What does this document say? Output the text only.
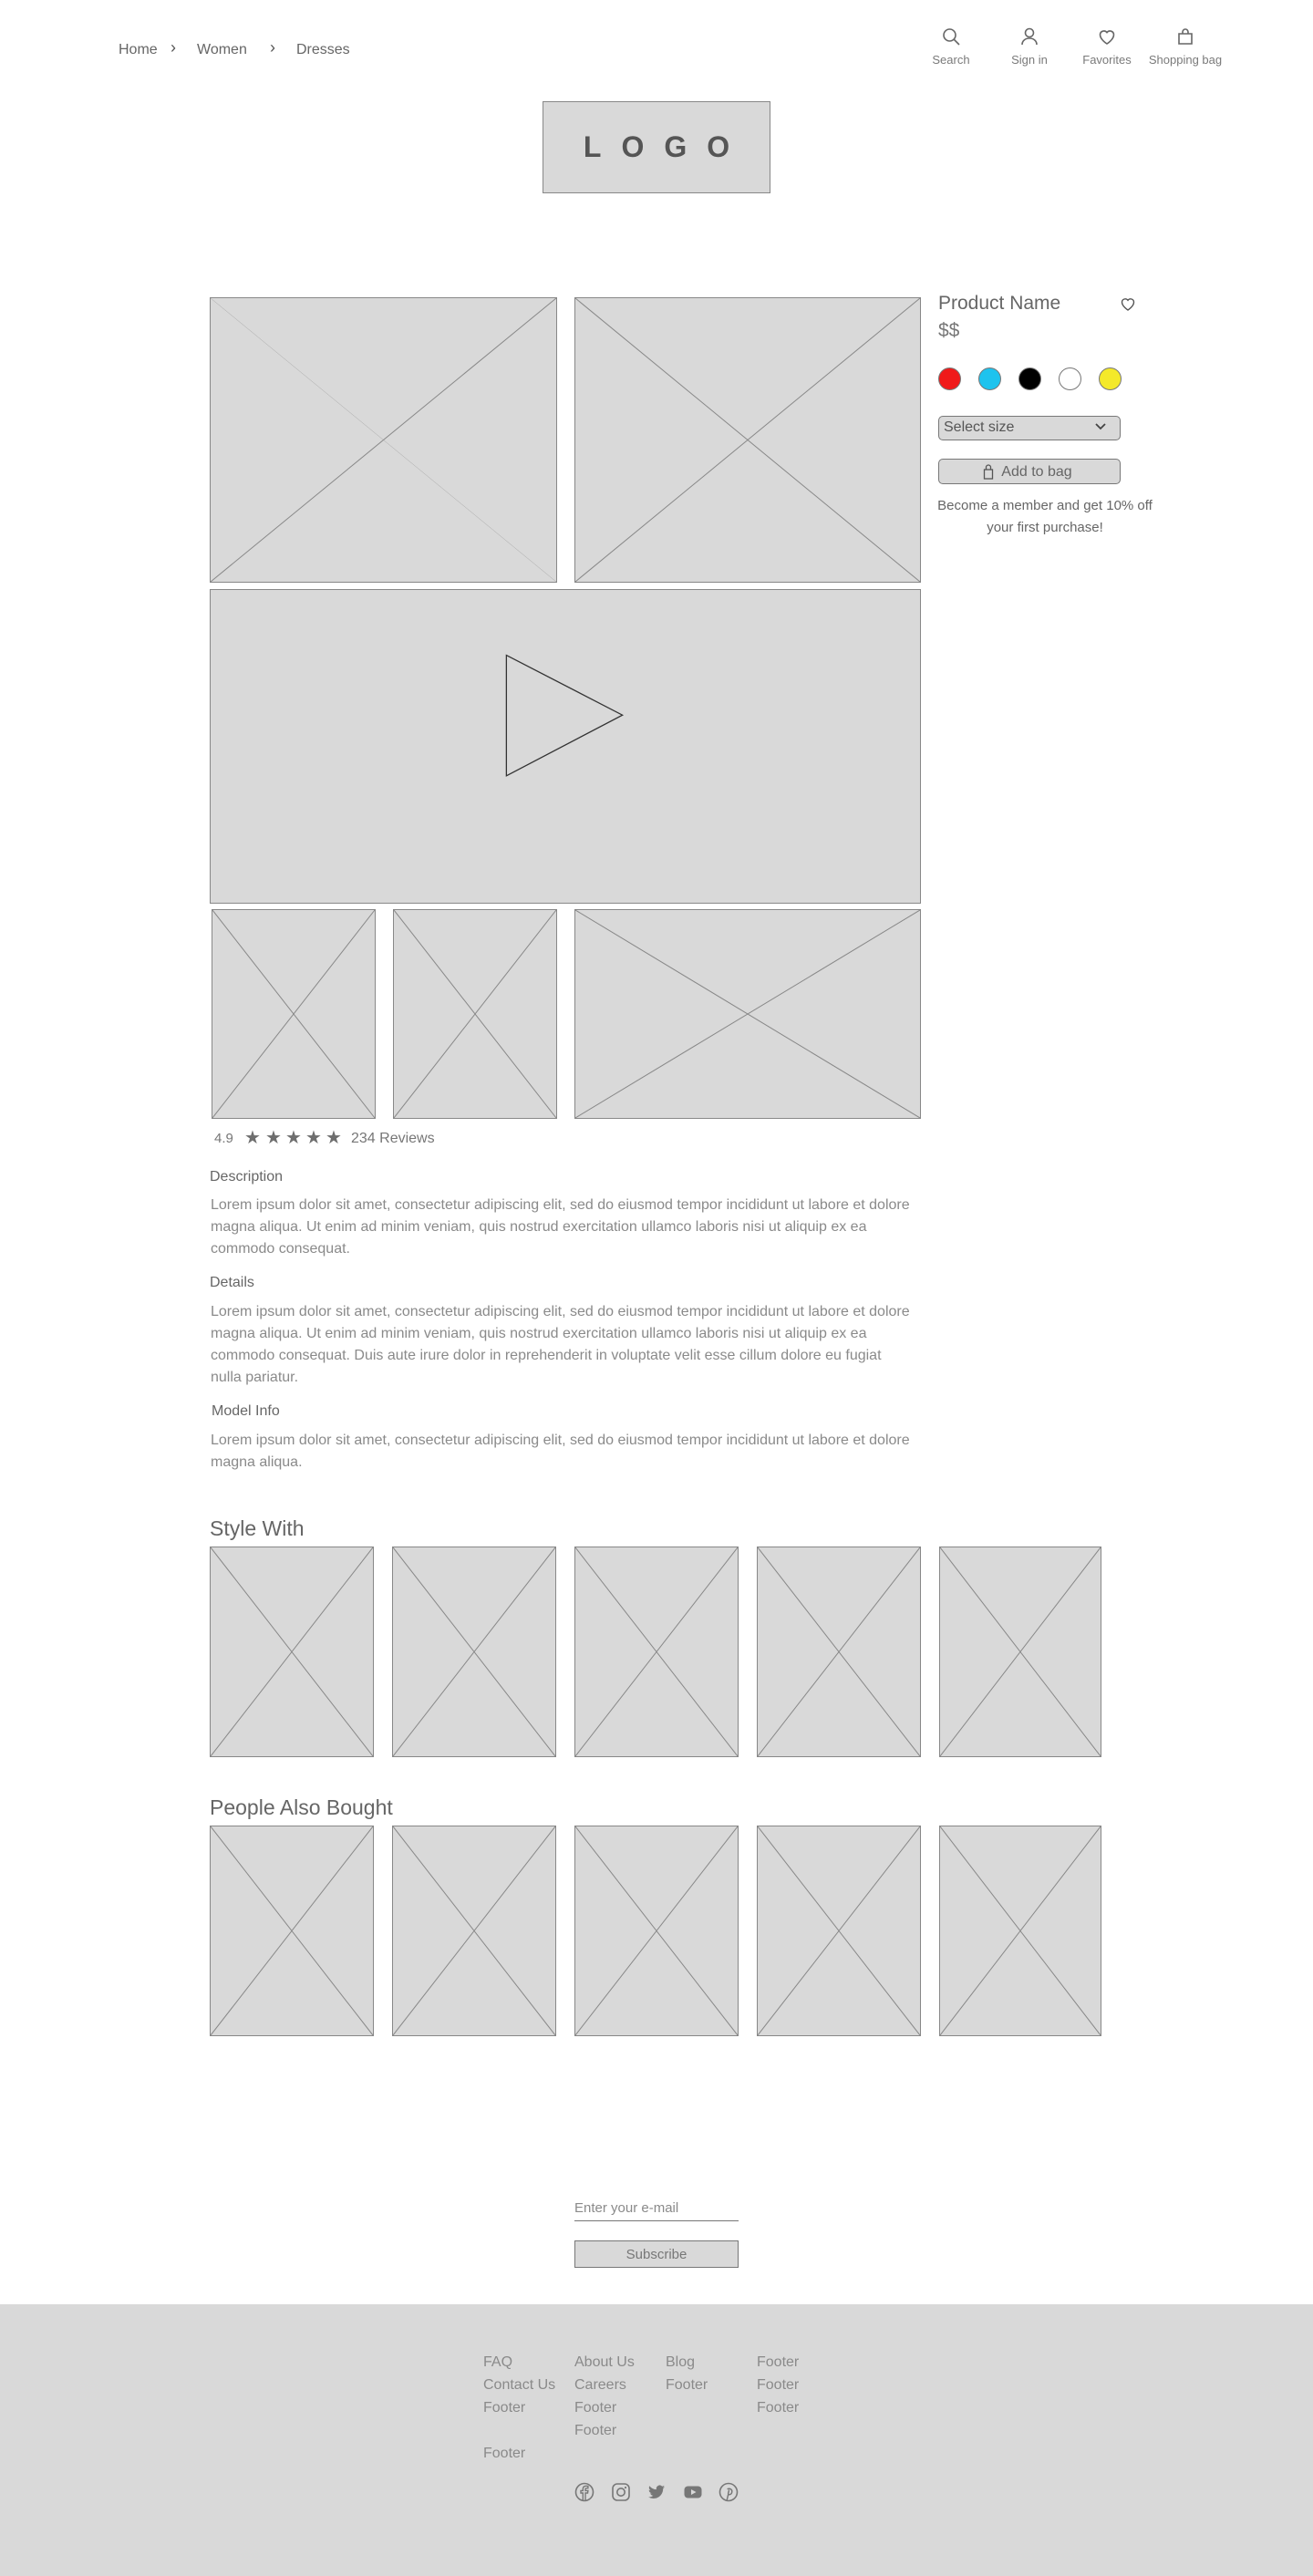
Home › Women › Dresses
Search	Sign in	Favorites	Shopping bag
LOGO
Product Name
$$
Select size
Add to bag
Become a member and get 10% off your first purchase!
4.9 ★ ★ ★ ★ ★ 234 Reviews
Description
Lorem ipsum dolor sit amet, consectetur adipiscing elit, sed do eiusmod tempor incididunt ut labore et dolore magna aliqua. Ut enim ad minim veniam, quis nostrud exercitation ullamco laboris nisi ut aliquip ex ea commodo consequat.
Details
Lorem ipsum dolor sit amet, consectetur adipiscing elit, sed do eiusmod tempor incididunt ut labore et dolore magna aliqua. Ut enim ad minim veniam, quis nostrud exercitation ullamco laboris nisi ut aliquip ex ea commodo consequat. Duis aute irure dolor in reprehenderit in voluptate velit esse cillum dolore eu fugiat nulla pariatur.
Model Info
Lorem ipsum dolor sit amet, consectetur adipiscing elit, sed do eiusmod tempor incididunt ut labore et dolore magna aliqua.
Style With
People Also Bought
Enter your e-mail
Subscribe
FAQ
Contact Us
Footer
Footer
About Us
Careers
Footer
Footer
Blog
Footer
Footer
Footer
Footer
